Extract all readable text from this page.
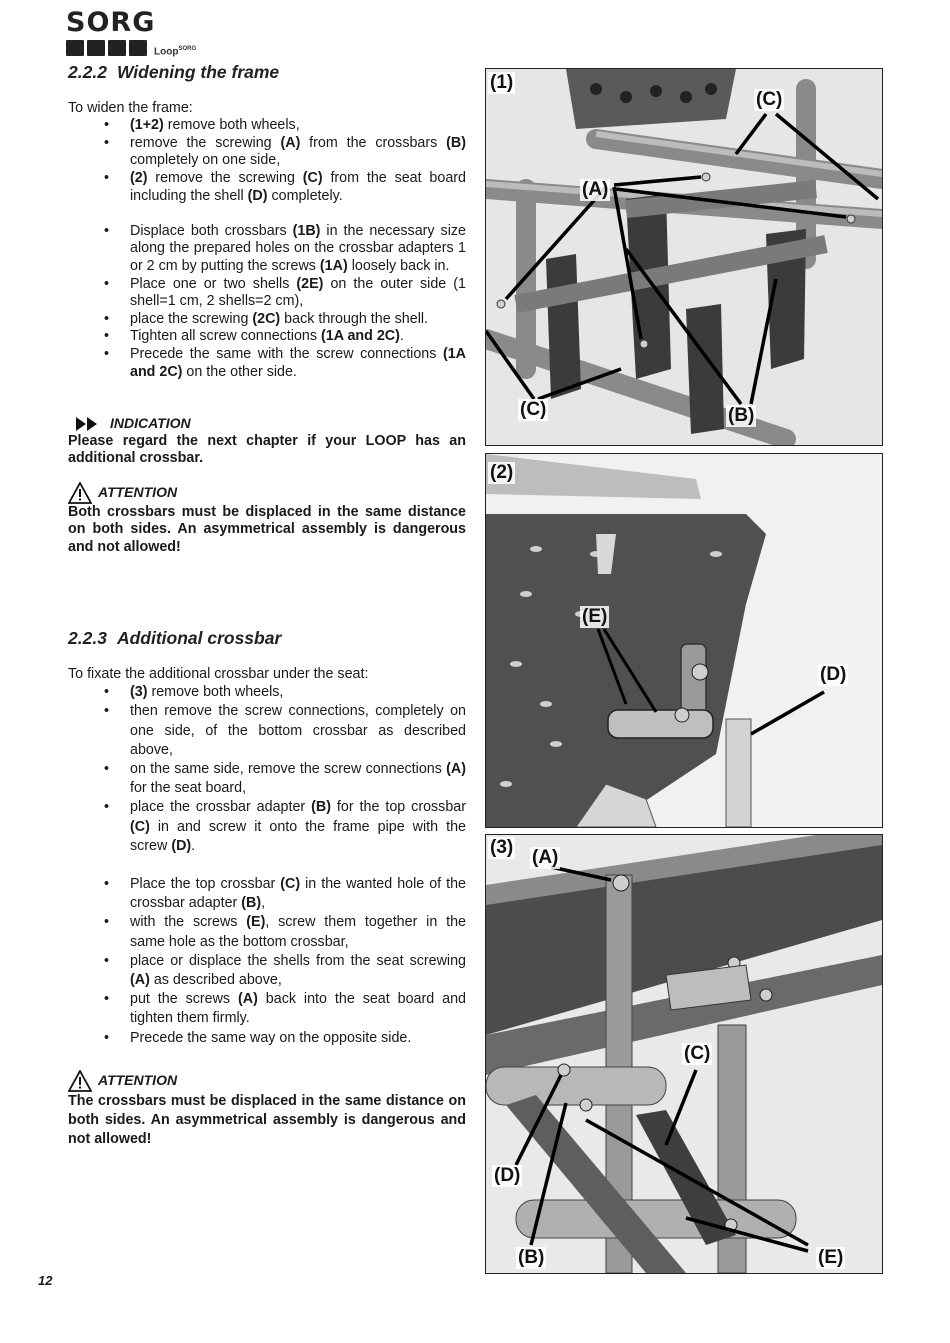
SORG
Loop$^{SORG}$
2.2.2 Widening the frame

To widen the frame:

• (1+2) remove both wheels,
• remove the screwing (A) from the crossbars (B) completely on one side,
• (2) remove the screwing (C) from the seat board including the shell (D) completely.
• Displace both crossbars (1B) in the necessary size along the prepared holes on the crossbar adapters 1 or 2 cm by putting the screws (1A) loosely back in.
• Place one or two shells (2E) on the outer side (1 shell=1 cm, 2 shells=2 cm),
• place the screwing (2C) back through the shell.
• Tighten all screw connections (1A and 2C).
• Precede the same with the screw connections (1A and 2C) on the other side.
INDICATION

Please regard the next chapter if your LOOP has an additional crossbar.

ATTENTION

Both crossbars must be displaced in the same distance on both sides. An asymmetrical assembly is dangerous and not allowed!

2.2.3 Additional crossbar

To fixate the additional crossbar under the seat:

• (3) remove both wheels,
• then remove the screw connections, completely on one side, of the bottom crossbar as described above,
• on the same side, remove the screw connections (A) for the seat board,
• place the crossbar adapter (B) for the top crossbar (C) in and screw it onto the frame pipe with the screw (D).
• Place the top crossbar (C) in the wanted hole of the crossbar adapter (B),
• with the screws (E), screw them together in the same hole as the bottom crossbar,
• place or displace the shells from the seat screwing (A) as described above,
• put the screws (A) back into the seat board and tighten them firmly.
• Precede the same way on the opposite side.
ATTENTION

The crossbars must be displaced in the same distance on both sides. An asymmetrical assembly is dangerous and not allowed!

(1)
(A)
(B)
(C)
(C)
(2)
(E)
(D)
(3) (A)
(C)
(D)
(B)	(E)
12
